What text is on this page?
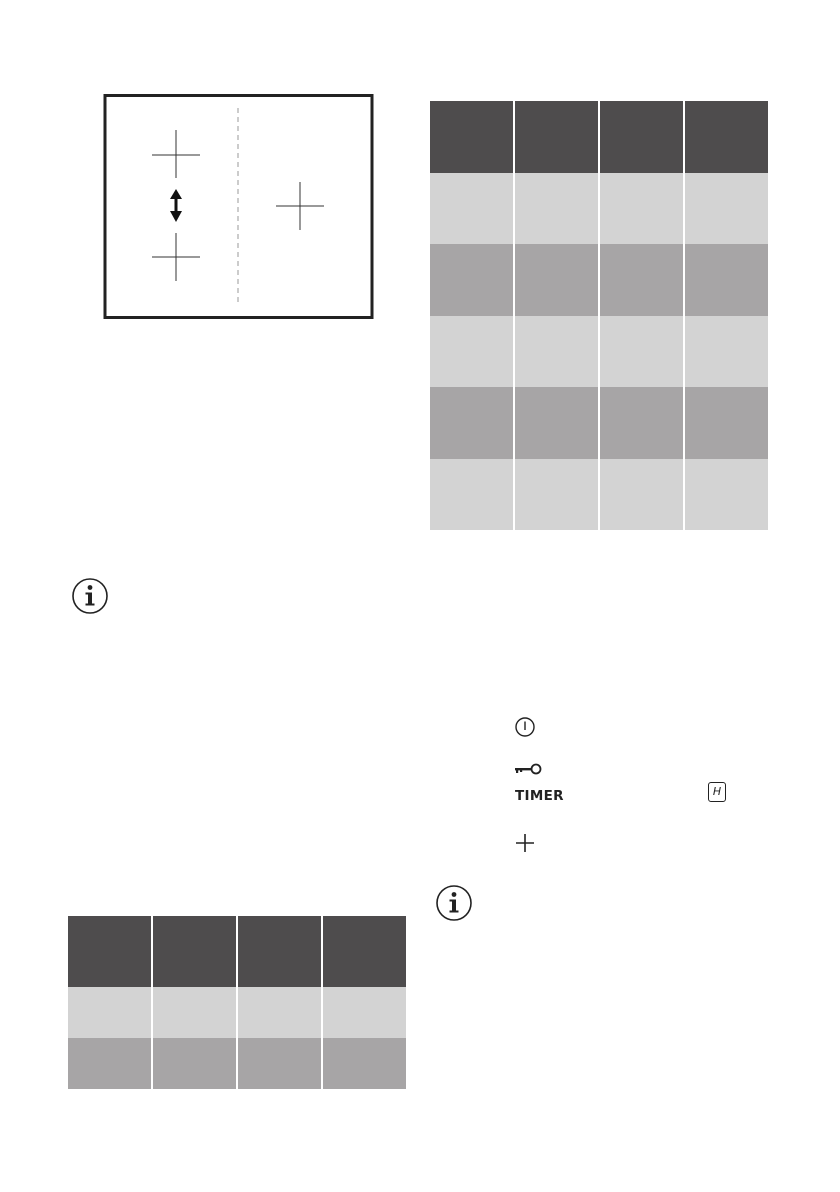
TIMER	H
